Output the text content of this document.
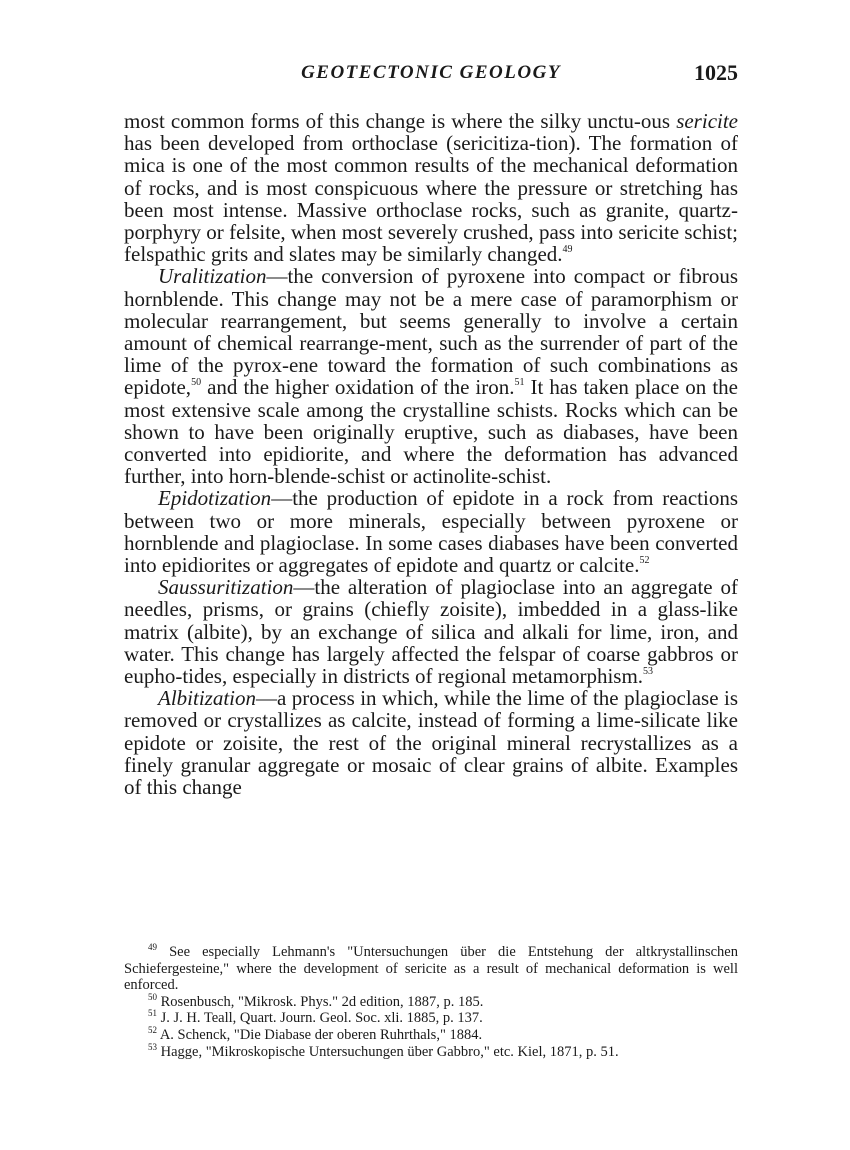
GEOTECTONIC GEOLOGY	1025

most common forms of this change is where the silky unctu-ous sericite has been developed from orthoclase (sericitiza-tion). The formation of mica is one of the most common results of the mechanical deformation of rocks, and is most conspicuous where the pressure or stretching has been most intense. Massive orthoclase rocks, such as granite, quartz-porphyry or felsite, when most severely crushed, pass into sericite schist; felspathic grits and slates may be similarly changed.$^{49}$

Uralitization—the conversion of pyroxene into compact or fibrous hornblende. This change may not be a mere case of paramorphism or molecular rearrangement, but seems generally to involve a certain amount of chemical rearrange-ment, such as the surrender of part of the lime of the pyrox-ene toward the formation of such combinations as epidote,$^{50}$ and the higher oxidation of the iron.$^{51}$ It has taken place on the most extensive scale among the crystalline schists. Rocks which can be shown to have been originally eruptive, such as diabases, have been converted into epidiorite, and where the deformation has advanced further, into horn-blende-schist or actinolite-schist.

Epidotization—the production of epidote in a rock from reactions between two or more minerals, especially between pyroxene or hornblende and plagioclase. In some cases diabases have been converted into epidiorites or aggregates of epidote and quartz or calcite.$^{52}$

Saussuritization—the alteration of plagioclase into an aggregate of needles, prisms, or grains (chiefly zoisite), imbedded in a glass-like matrix (albite), by an exchange of silica and alkali for lime, iron, and water. This change has largely affected the felspar of coarse gabbros or eupho-tides, especially in districts of regional metamorphism.$^{53}$

Albitization—a process in which, while the lime of the plagioclase is removed or crystallizes as calcite, instead of forming a lime-silicate like epidote or zoisite, the rest of the original mineral recrystallizes as a finely granular aggregate or mosaic of clear grains of albite. Examples of this change

$^{49}$ See especially Lehmann's "Untersuchungen über die Entstehung der altkrystallinschen Schiefergesteine," where the development of sericite as a result of mechanical deformation is well enforced.

$^{50}$ Rosenbusch, "Mikrosk. Phys." 2d edition, 1887, p. 185.

$^{51}$ J. J. H. Teall, Quart. Journ. Geol. Soc. xli. 1885, p. 137.

$^{52}$ A. Schenck, "Die Diabase der oberen Ruhrthals," 1884.

$^{53}$ Hagge, "Mikroskopische Untersuchungen über Gabbro," etc. Kiel, 1871, p. 51.
